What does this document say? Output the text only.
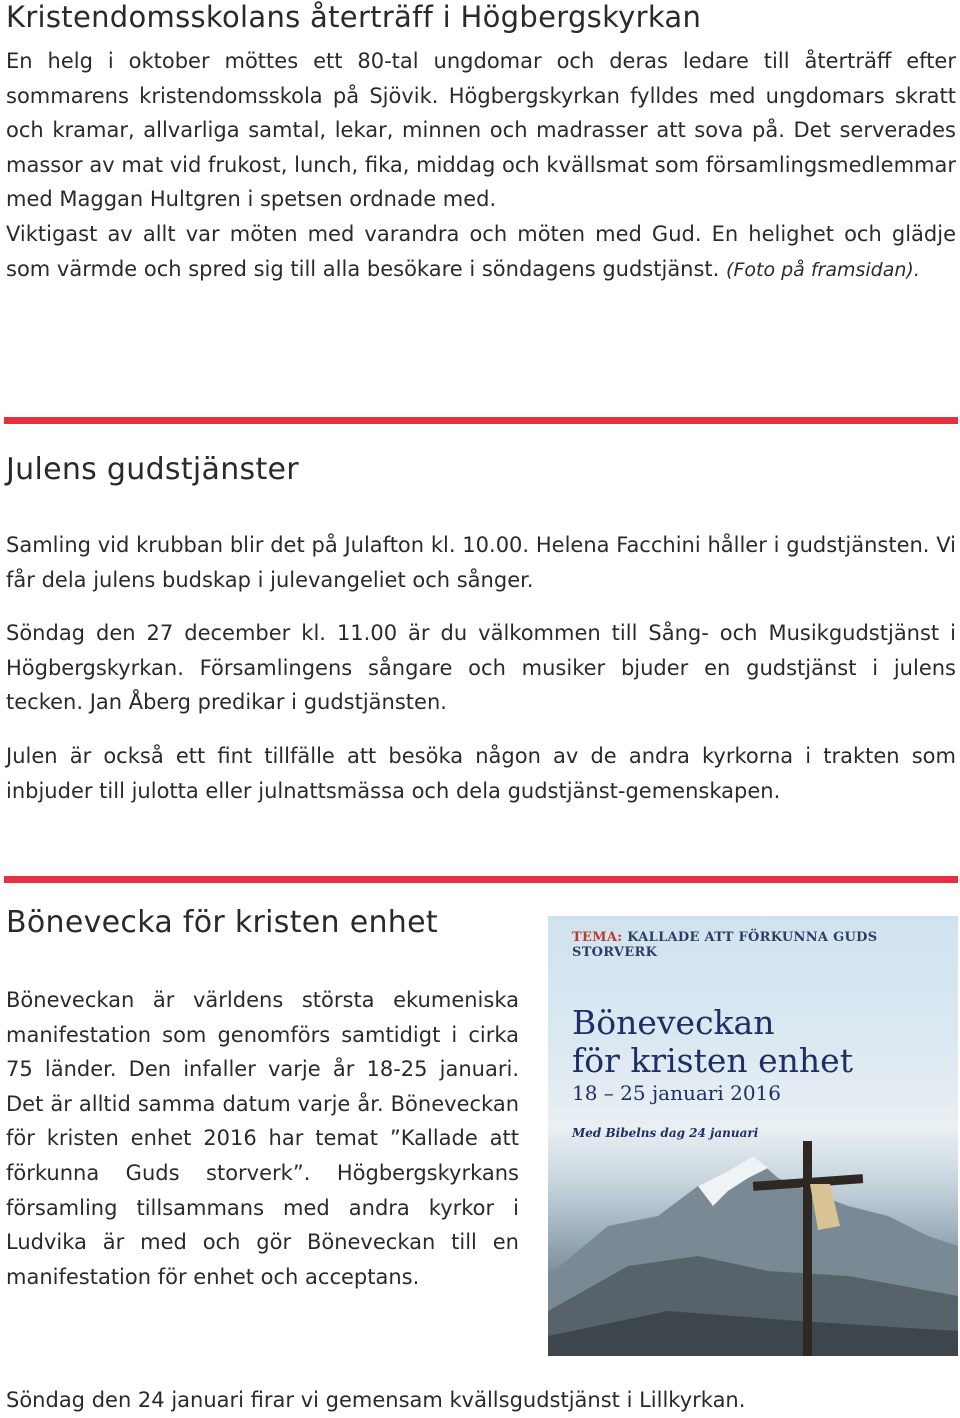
Kristendomsskolans återträff i Högbergskyrkan

En helg i oktober möttes ett 80-tal ungdomar och deras ledare till återträff efter sommarens kristendomsskola på Sjövik. Högbergskyrkan fylldes med ungdomars skratt och kramar, allvarliga samtal, lekar, minnen och madrasser att sova på. Det serverades massor av mat vid frukost, lunch, fika, middag och kvällsmat som församlingsmedlemmar med Maggan Hultgren i spetsen ordnade med.

Viktigast av allt var möten med varandra och möten med Gud. En helighet och glädje som värmde och spred sig till alla besökare i söndagens gudstjänst. (Foto på framsidan).

Julens gudstjänster

Samling vid krubban blir det på Julafton kl. 10.00. Helena Facchini håller i gudstjänsten. Vi får dela julens budskap i julevangeliet och sånger.

Söndag den 27 december kl. 11.00 är du välkommen till Sång- och Musikgudstjänst i Högbergskyrkan. Församlingens sångare och musiker bjuder en gudstjänst i julens tecken. Jan Åberg predikar i gudstjänsten.

Julen är också ett fint tillfälle att besöka någon av de andra kyrkorna i trakten som inbjuder till julotta eller julnattsmässa och dela gudstjänst-gemenskapen.

Bönevecka för kristen enhet

Böneveckan är världens största ekumeniska manifestation som genomförs samtidigt i cirka 75 länder. Den infaller varje år 18-25 januari. Det är alltid samma datum varje år. Böneveckan för kristen enhet 2016 har temat ”Kallade att förkunna Guds storverk”. Högbergskyrkans församling tillsammans med andra kyrkor i Ludvika är med och gör Böneveckan till en manifestation för enhet och acceptans.

Söndag den 24 januari firar vi gemensam kvällsgudstjänst i Lillkyrkan.

TEMA: KALLADE ATT FÖRKUNNA GUDS STORVERK
Böneveckan
för kristen enhet
18 – 25 januari 2016
Med Bibelns dag 24 januari
